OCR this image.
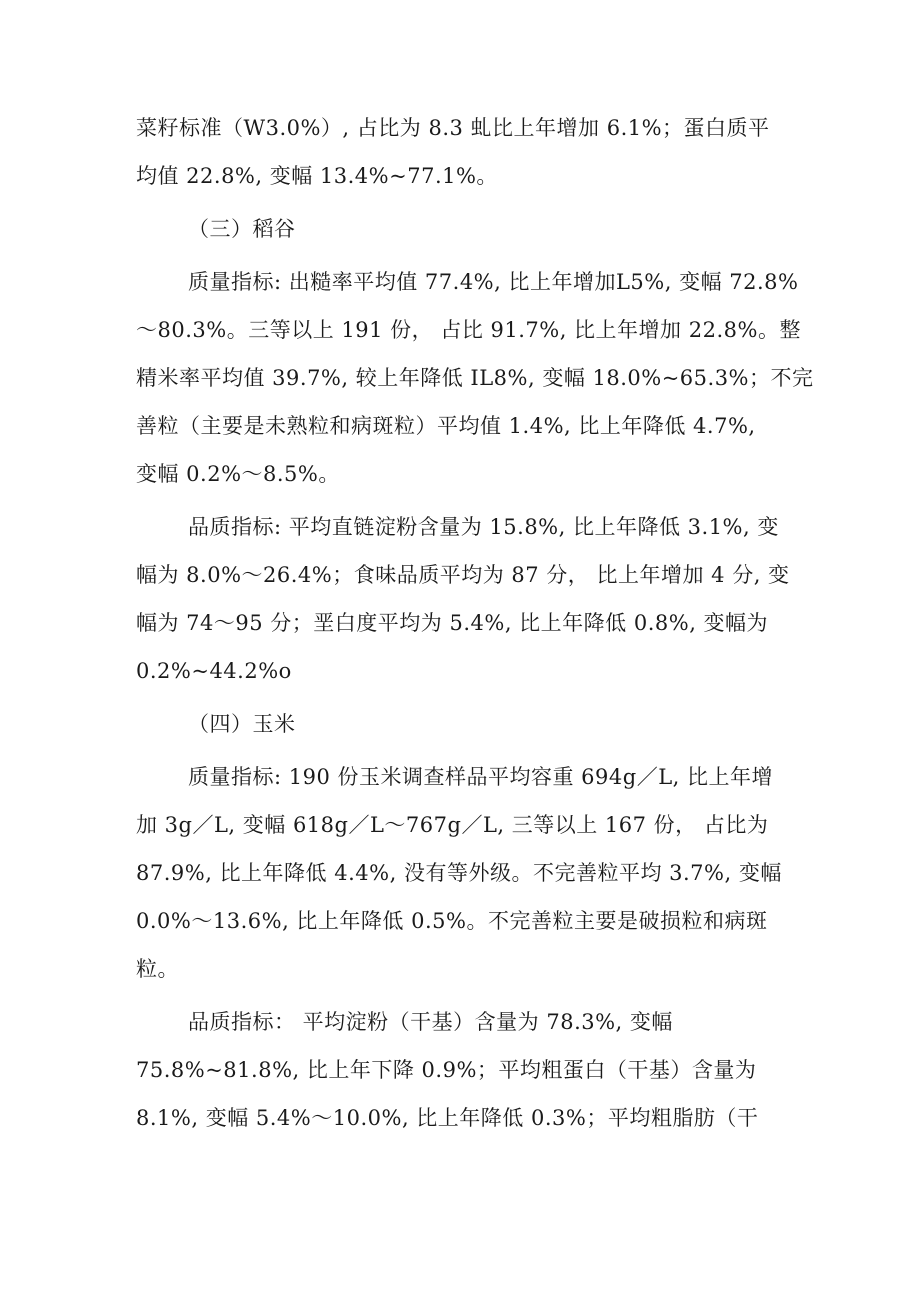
菜籽标准（W3.0%）, 占比为 8.3 虬比上年增加 6.1%；蛋白质平
均值 22.8%, 变幅 13.4%~77.1%。
（三）稻谷
质量指标: 出糙率平均值 77.4%, 比上年增加L5%, 变幅 72.8%
～80.3%。三等以上 191 份， 占比 91.7%, 比上年增加 22.8%。整
精米率平均值 39.7%, 较上年降低 IL8%, 变幅 18.0%~65.3%；不完
善粒（主要是未熟粒和病斑粒）平均值 1.4%, 比上年降低 4.7%,
变幅 0.2%～8.5%。
品质指标: 平均直链淀粉含量为 15.8%, 比上年降低 3.1%, 变
幅为 8.0%～26.4%；食味品质平均为 87 分， 比上年增加 4 分, 变
幅为 74～95 分；垩白度平均为 5.4%, 比上年降低 0.8%, 变幅为
0.2%~44.2%o
（四）玉米
质量指标: 190 份玉米调查样品平均容重 694g／L, 比上年增
加 3g／L, 变幅 618g／L～767g／L, 三等以上 167 份， 占比为
87.9%, 比上年降低 4.4%, 没有等外级。不完善粒平均 3.7%, 变幅
0.0%～13.6%, 比上年降低 0.5%。不完善粒主要是破损粒和病斑
粒。
品质指标： 平均淀粉（干基）含量为 78.3%, 变幅
75.8%~81.8%, 比上年下降 0.9%；平均粗蛋白（干基）含量为
8.1%, 变幅 5.4%～10.0%, 比上年降低 0.3%；平均粗脂肪（干
